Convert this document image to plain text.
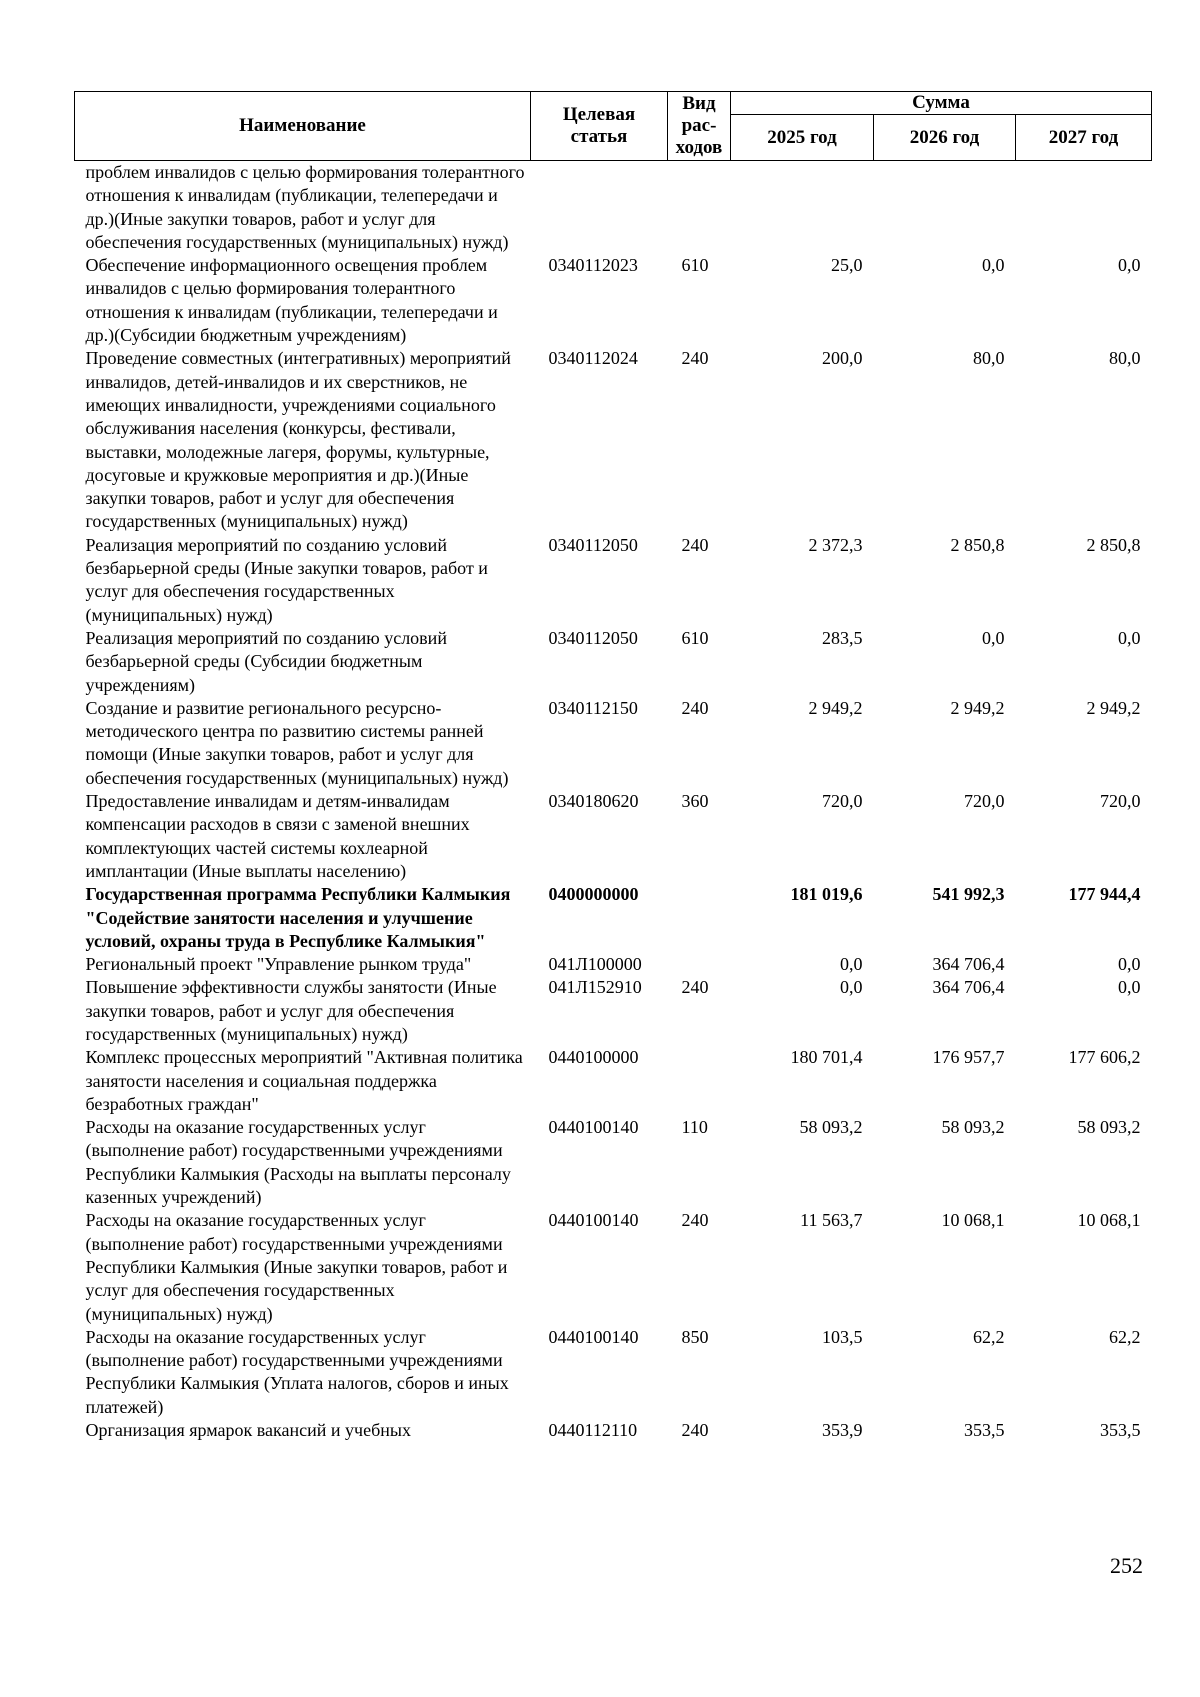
Наименование	Целевая статья	Вид рас-ходов	Сумма		
			2025 год	2026 год	2027 год
проблем инвалидов с целью формирования толерантного отношения к инвалидам (публикации, телепередачи и др.)(Иные закупки товаров, работ и услуг для обеспечения государственных (муниципальных) нужд)					
Обеспечение информационного освещения проблем инвалидов с целью формирования толерантного отношения к инвалидам (публикации, телепередачи и др.)(Субсидии бюджетным учреждениям)	0340112023	610	25,0	0,0	0,0
Проведение совместных (интегративных) мероприятий инвалидов, детей-инвалидов и их сверстников, не имеющих инвалидности, учреждениями социального обслуживания населения (конкурсы, фестивали, выставки, молодежные лагеря, форумы, культурные, досуговые и кружковые мероприятия и др.)(Иные закупки товаров, работ и услуг для обеспечения государственных (муниципальных) нужд)	0340112024	240	200,0	80,0	80,0
Реализация мероприятий по созданию условий безбарьерной среды (Иные закупки товаров, работ и услуг для обеспечения государственных (муниципальных) нужд)	0340112050	240	2 372,3	2 850,8	2 850,8
Реализация мероприятий по созданию условий безбарьерной среды (Субсидии бюджетным учреждениям)	0340112050	610	283,5	0,0	0,0
Создание и развитие регионального ресурсно-методического центра по развитию системы ранней помощи (Иные закупки товаров, работ и услуг для обеспечения государственных (муниципальных) нужд)	0340112150	240	2 949,2	2 949,2	2 949,2
Предоставление инвалидам и детям-инвалидам компенсации расходов в связи с заменой внешних комплектующих частей системы кохлеарной имплантации (Иные выплаты населению)	0340180620	360	720,0	720,0	720,0
Государственная программа Республики Калмыкия "Содействие занятости населения и улучшение условий, охраны труда в Республике Калмыкия"	0400000000		181 019,6	541 992,3	177 944,4
Региональный проект "Управление рынком труда"	041Л100000		0,0	364 706,4	0,0
Повышение эффективности службы занятости (Иные закупки товаров, работ и услуг для обеспечения государственных (муниципальных) нужд)	041Л152910	240	0,0	364 706,4	0,0
Комплекс процессных мероприятий "Активная политика занятости населения и социальная поддержка безработных граждан"	0440100000		180 701,4	176 957,7	177 606,2
Расходы на оказание государственных услуг (выполнение работ) государственными учреждениями Республики Калмыкия (Расходы на выплаты персоналу казенных учреждений)	0440100140	110	58 093,2	58 093,2	58 093,2
Расходы на оказание государственных услуг (выполнение работ) государственными учреждениями Республики Калмыкия (Иные закупки товаров, работ и услуг для обеспечения государственных (муниципальных) нужд)	0440100140	240	11 563,7	10 068,1	10 068,1
Расходы на оказание государственных услуг (выполнение работ) государственными учреждениями Республики Калмыкия (Уплата налогов, сборов и иных платежей)	0440100140	850	103,5	62,2	62,2
Организация ярмарок вакансий и учебных	0440112110	240	353,9	353,5	353,5
252
